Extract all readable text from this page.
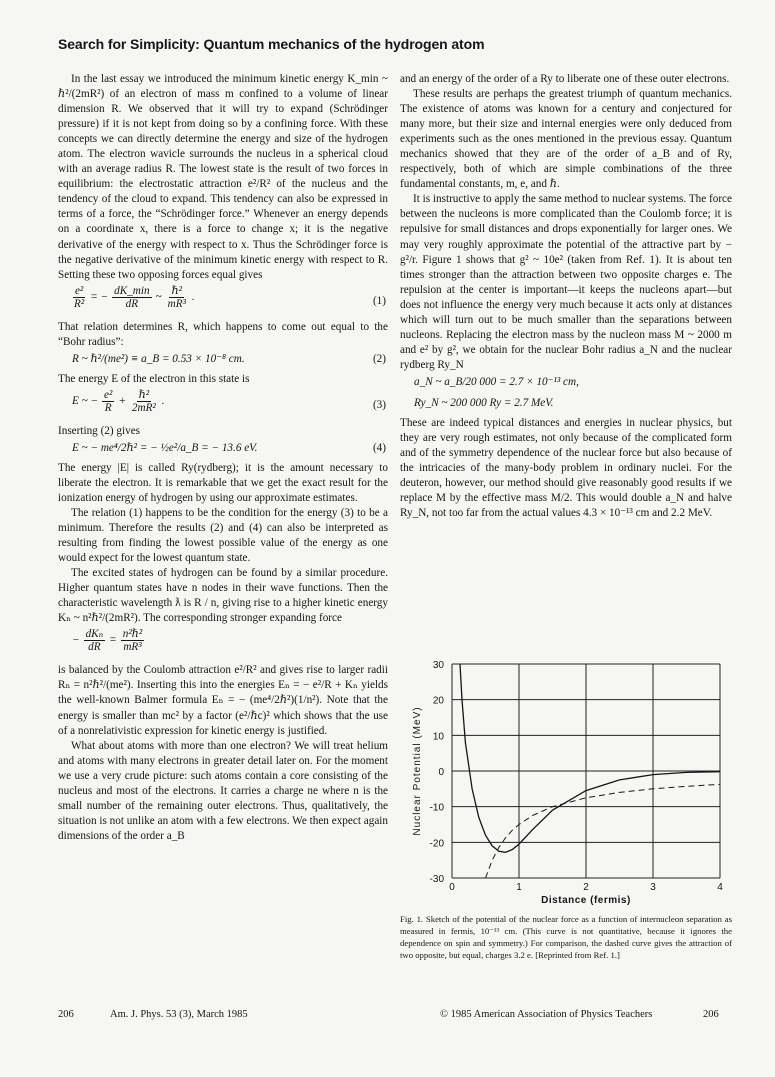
Search for Simplicity: Quantum mechanics of the hydrogen atom

In the last essay we introduced the minimum kinetic energy K_min ~ ℏ²/(2mR²) of an electron of mass m confined to a volume of linear dimension R. We observed that it will try to expand (Schrödinger pressure) if it is not kept from doing so by a confining force. With these concepts we can directly determine the energy and size of the hydrogen atom. The electron wavicle surrounds the nucleus in a spherical cloud with an average radius R. The lowest state is the result of two forces in equilibrium: the electrostatic attraction e²/R² of the nucleus and the tendency of the cloud to expand. This tendency can also be expressed in terms of a force, the “Schrödinger force.” Whenever an energy depends on a coordinate x, there is a force to change x; it is the negative derivative of the energy with respect to x. Thus the Schrödinger force is the negative derivative of the minimum kinetic energy with respect to R. Setting these two opposing forces equal gives

$\frac{\text{e²}}{\text{R²}}$ = − dK_min
dR
~ ℏ²
mR³
.	(1)

That relation determines R, which happens to come out equal to the “Bohr radius”:

R ~ ℏ²/(me²) ≡ a_B = 0.53 × 10⁻⁸ cm.	(2)

The energy E of the electron in this state is

E ~ − $\frac{\text{e²}}{R}$ + ℏ²
2mR²
.	(3)

Inserting (2) gives

E ~ − me⁴/2ℏ² = − ½e²/a_B = − 13.6 eV.	(4)

The energy |E| is called Ry(rydberg); it is the amount necessary to liberate the electron. It is remarkable that we get the exact result for the ionization energy of hydrogen by using our approximate estimates.

The relation (1) happens to be the condition for the energy (3) to be a minimum. Therefore the results (2) and (4) can also be interpreted as resulting from finding the lowest possible value of the energy as one would expect for the lowest quantum state.

The excited states of hydrogen can be found by a similar procedure. Higher quantum states have n nodes in their wave functions. Then the characteristic wavelength ƛ is R / n, giving rise to a higher kinetic energy Kₙ ~ n²ℏ²/(2mR²). The corresponding stronger expanding force

− dKₙ
dR
= n²ℏ²
mR³

is balanced by the Coulomb attraction e²/R² and gives rise to larger radii Rₙ = n²ℏ²/(me²). Inserting this into the energies Eₙ = − e²/R + Kₙ yields the well-known Balmer formula Eₙ = − (me⁴/2ℏ²)(1/n²). Note that the energy is smaller than mc² by a factor (e²/ℏc)² which shows that the use of a nonrelativistic expression for kinetic energy is justified.

What about atoms with more than one electron? We will treat helium and atoms with many electrons in greater detail later on. For the moment we use a very crude picture: such atoms contain a core consisting of the nucleus and most of the electrons. It carries a charge ne where n is the small number of the remaining outer electrons. Thus, qualitatively, the situation is not unlike an atom with a few electrons. We then expect again dimensions of the order a_B

and an energy of the order of a Ry to liberate one of these outer electrons.

These results are perhaps the greatest triumph of quantum mechanics. The existence of atoms was known for a century and conjectured for many more, but their size and internal energies were only deduced from experiments such as the ones mentioned in the previous essay. Quantum mechanics showed that they are of the order of a_B and of Ry, respectively, both of which are simple combinations of the three fundamental constants, m, e, and ℏ.

It is instructive to apply the same method to nuclear systems. The force between the nucleons is more complicated than the Coulomb force; it is repulsive for small distances and drops exponentially for larger ones. We may very roughly approximate the potential of the attractive part by − g²/r. Figure 1 shows that g² ~ 10e² (taken from Ref. 1). It is about ten times stronger than the attraction between two opposite charges e. The repulsion at the center is important—it keeps the nucleons apart—but does not influence the energy very much because it acts only at distances which will turn out to be much smaller than the separations between nucleons. Replacing the electron mass by the nucleon mass M ~ 2000 m and e² by g², we obtain for the nuclear Bohr radius a_N and the nuclear rydberg Ry_N

a_N ~ a_B/20 000 = 2.7 × 10⁻¹³ cm,
Ry_N ~ 200 000 Ry = 2.7 MeV.

These are indeed typical distances and energies in nuclear physics, but they are very rough estimates, not only because of the complicated form and of the symmetry dependence of the nuclear force but also because of the intricacies of the many-body problem in ordinary nuclei. For the deuteron, however, our method should give reasonably good results if we replace M by the effective mass M/2. This would double a_N and halve Ry_N, not too far from the actual values 4.3 × 10⁻¹³ cm and 2.2 MeV.

0	1	2	3	4
30
20
10
0
-10
-20
-30
Distance (fermis)
Nuclear Potential (MeV)
Fig. 1. Sketch of the potential of the nuclear force as a function of internucleon separation as measured in fermis, 10⁻¹³ cm. (This curve is not quantitative, because it ignores the dependence on spin and symmetry.) For comparison, the dashed curve gives the attraction of two opposite, but equal, charges 3.2 e. [Reprinted from Ref. 1.]
206	Am. J. Phys. 53 (3), March 1985	© 1985 American Association of Physics Teachers	206
